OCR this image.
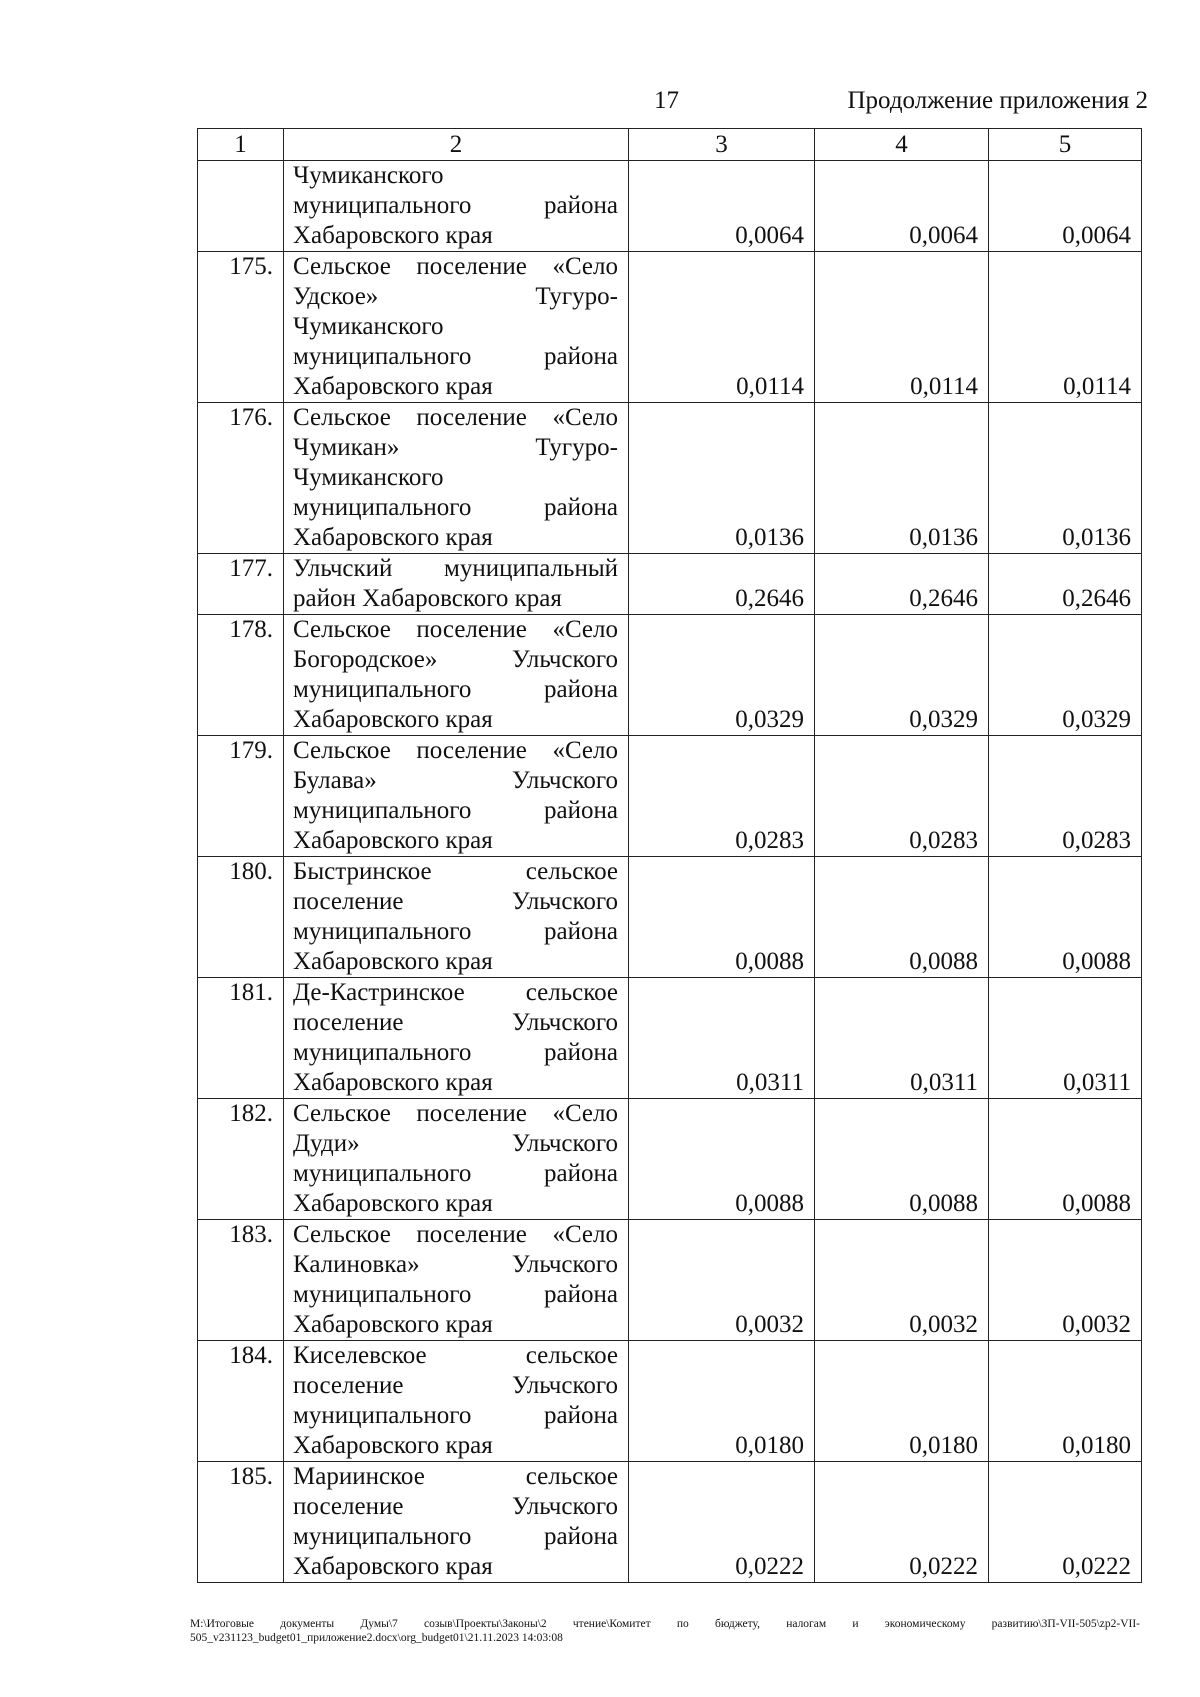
17	Продолжение приложения 2
1	2	3	4	5

	Чумиканского
муниципального района
Хабаровского края	0,0064	0,0064	0,0064
175.	Сельское поселение «Село
Удское» Тугуро-
Чумиканского
муниципального района
Хабаровского края	0,0114	0,0114	0,0114
176.	Сельское поселение «Село
Чумикан» Тугуро-
Чумиканского
муниципального района
Хабаровского края	0,0136	0,0136	0,0136
177.	Ульчский муниципальный
район Хабаровского края	0,2646	0,2646	0,2646
178.	Сельское поселение «Село
Богородское» Ульчского
муниципального района
Хабаровского края	0,0329	0,0329	0,0329
179.	Сельское поселение «Село
Булава» Ульчского
муниципального района
Хабаровского края	0,0283	0,0283	0,0283
180.	Быстринское сельское
поселение Ульчского
муниципального района
Хабаровского края	0,0088	0,0088	0,0088
181.	Де-Кастринское сельское
поселение Ульчского
муниципального района
Хабаровского края	0,0311	0,0311	0,0311
182.	Сельское поселение «Село
Дуди» Ульчского
муниципального района
Хабаровского края	0,0088	0,0088	0,0088
183.	Сельское поселение «Село
Калиновка» Ульчского
муниципального района
Хабаровского края	0,0032	0,0032	0,0032
184.	Киселевское сельское
поселение Ульчского
муниципального района
Хабаровского края	0,0180	0,0180	0,0180
185.	Мариинское сельское
поселение Ульчского
муниципального района
Хабаровского края	0,0222	0,0222	0,0222
М:\Итоговые документы Думы\7 созыв\Проекты\Законы\2 чтение\Комитет по бюджету, налогам и экономическому развитию\ЗП-VII-505\zp2-VII-505_v231123_budget01_приложение2.docx\org_budget01\21.11.2023 14:03:08
